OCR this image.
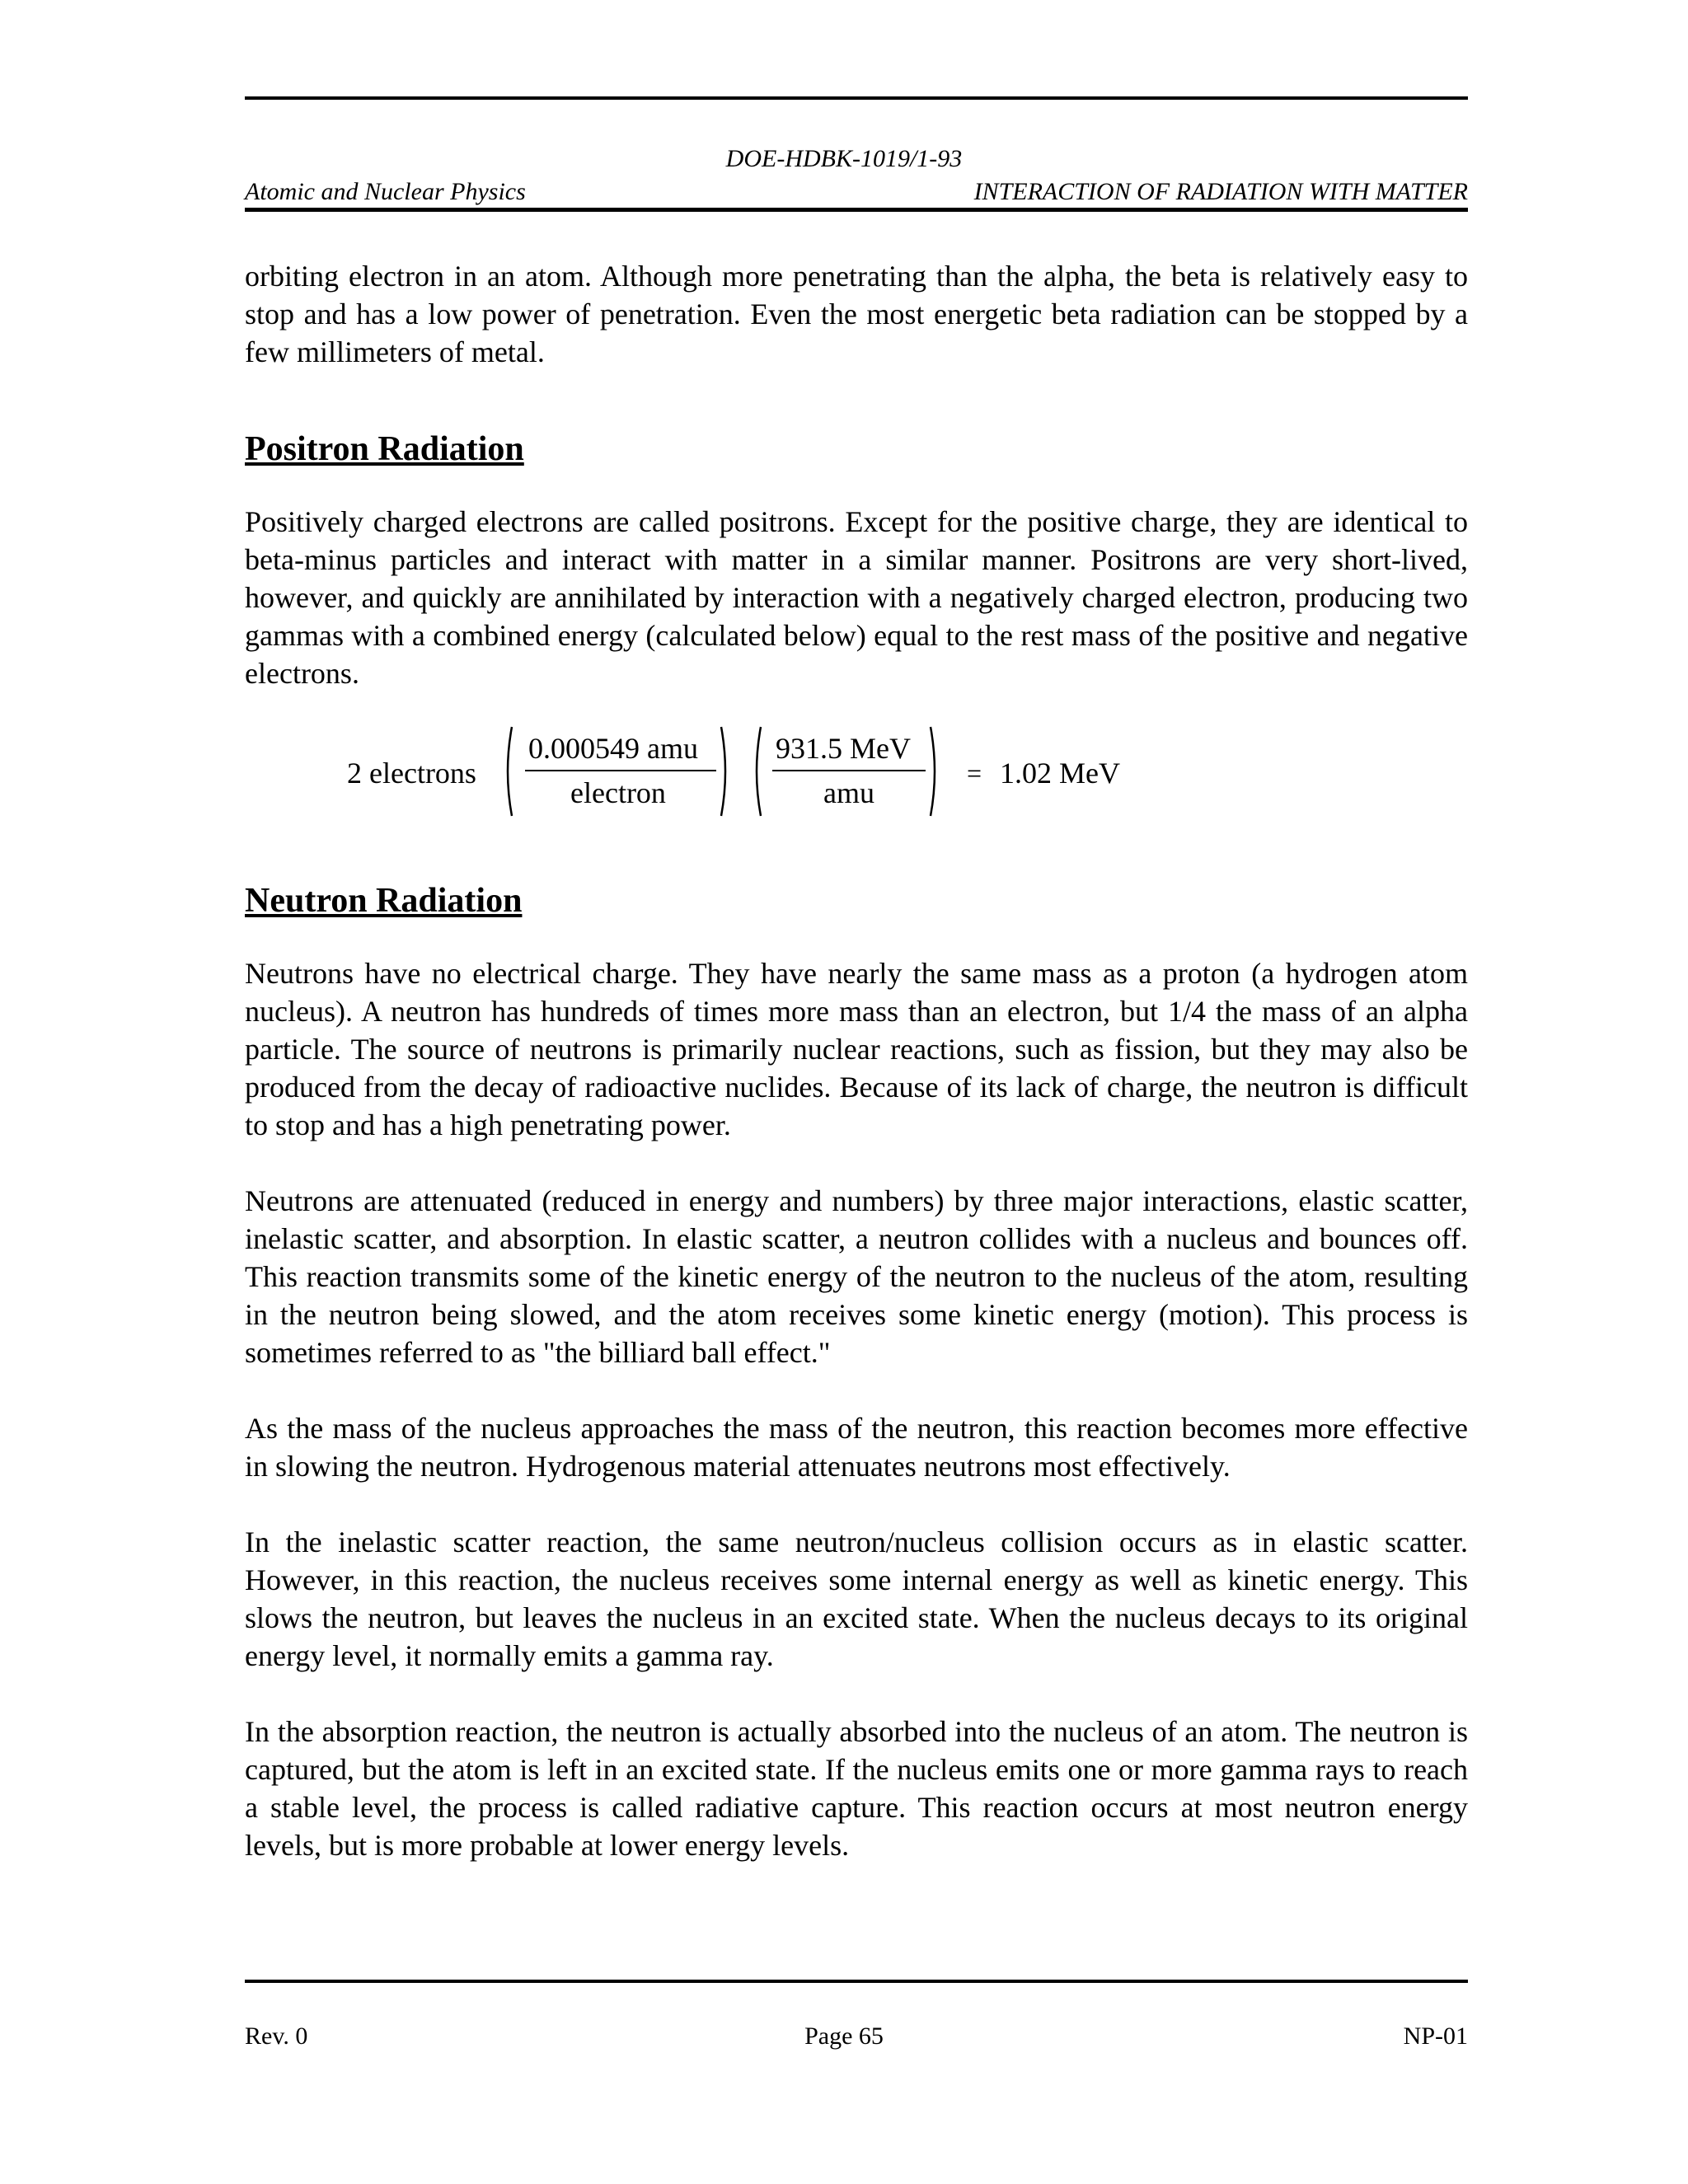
DOE-HDBK-1019/1-93
Atomic and Nuclear Physics	INTERACTION OF RADIATION WITH MATTER

orbiting electron in an atom. Although more penetrating than the alpha, the beta is relatively easy to stop and has a low power of penetration. Even the most energetic beta radiation can be stopped by a few millimeters of metal.

Positron Radiation

Positively charged electrons are called positrons. Except for the positive charge, they are identical to beta-minus particles and interact with matter in a similar manner. Positrons are very short-lived, however, and quickly are annihilated by interaction with a negatively charged electron, producing two gammas with a combined energy (calculated below) equal to the rest mass of the positive and negative electrons.

2 electrons
0.000549 amu
electron
931.5 MeV
amu
= 1.02 MeV
Neutron Radiation

Neutrons have no electrical charge. They have nearly the same mass as a proton (a hydrogen atom nucleus). A neutron has hundreds of times more mass than an electron, but 1/4 the mass of an alpha particle. The source of neutrons is primarily nuclear reactions, such as fission, but they may also be produced from the decay of radioactive nuclides. Because of its lack of charge, the neutron is difficult to stop and has a high penetrating power.

Neutrons are attenuated (reduced in energy and numbers) by three major interactions, elastic scatter, inelastic scatter, and absorption. In elastic scatter, a neutron collides with a nucleus and bounces off. This reaction transmits some of the kinetic energy of the neutron to the nucleus of the atom, resulting in the neutron being slowed, and the atom receives some kinetic energy (motion). This process is sometimes referred to as "the billiard ball effect."

As the mass of the nucleus approaches the mass of the neutron, this reaction becomes more effective in slowing the neutron. Hydrogenous material attenuates neutrons most effectively.

In the inelastic scatter reaction, the same neutron/nucleus collision occurs as in elastic scatter. However, in this reaction, the nucleus receives some internal energy as well as kinetic energy. This slows the neutron, but leaves the nucleus in an excited state. When the nucleus decays to its original energy level, it normally emits a gamma ray.

In the absorption reaction, the neutron is actually absorbed into the nucleus of an atom. The neutron is captured, but the atom is left in an excited state. If the nucleus emits one or more gamma rays to reach a stable level, the process is called radiative capture. This reaction occurs at most neutron energy levels, but is more probable at lower energy levels.

Rev. 0	Page 65	NP-01
